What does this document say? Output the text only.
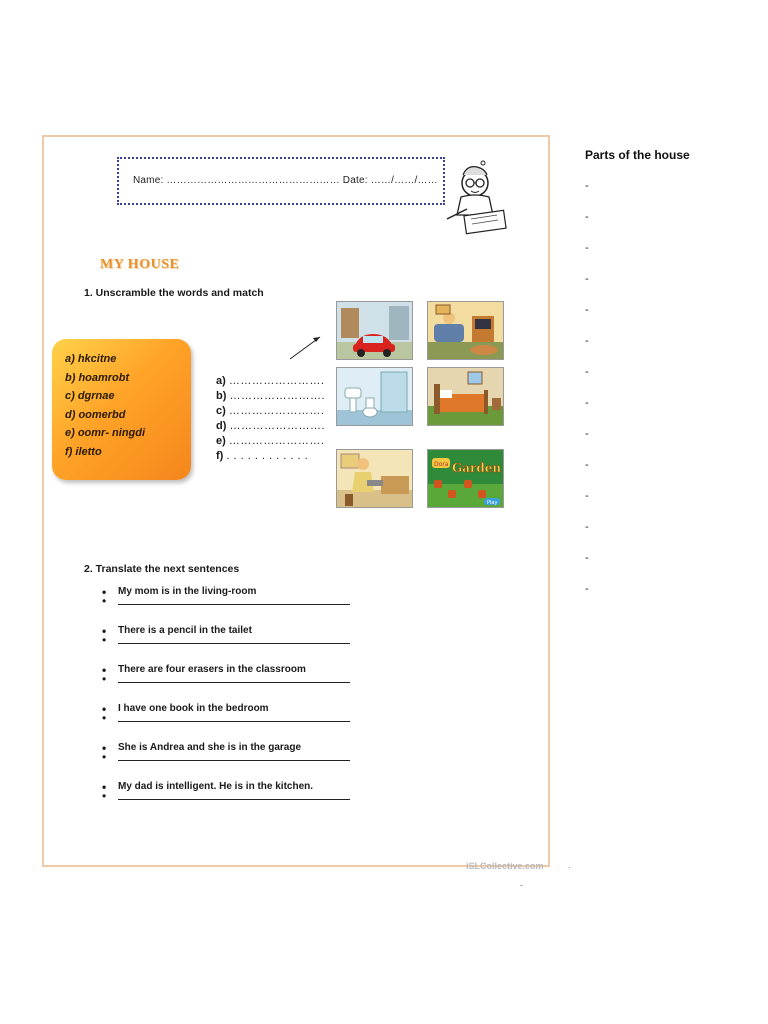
Name: …………………………………………… Date: ……/……/……
MY HOUSE
1. Unscramble the words and match
a) hkcitne
b) hoamrobt
c) dgrnae
d) oomerbd
e) oomr- ningdi
f) iletto
a) …………………….
b) …………………….
c) …………………….
d) …………………….
e) …………………….
f) . . . . . . . . . . . .
Dora Garden
Play
2. Translate the next sentences
• My mom is in the living-room
•
• There is a pencil in the tailet
•
• There are four erasers in the classroom
•
• I have one book in the bedroom
•
• She is Andrea and she is in the garage
•
• My dad is intelligent. He is in the kitchen.
•
iSLCollective.com	.
-
Parts of the house
-
-
-
-
-
-
-
-
-
-
-
-
-
-
